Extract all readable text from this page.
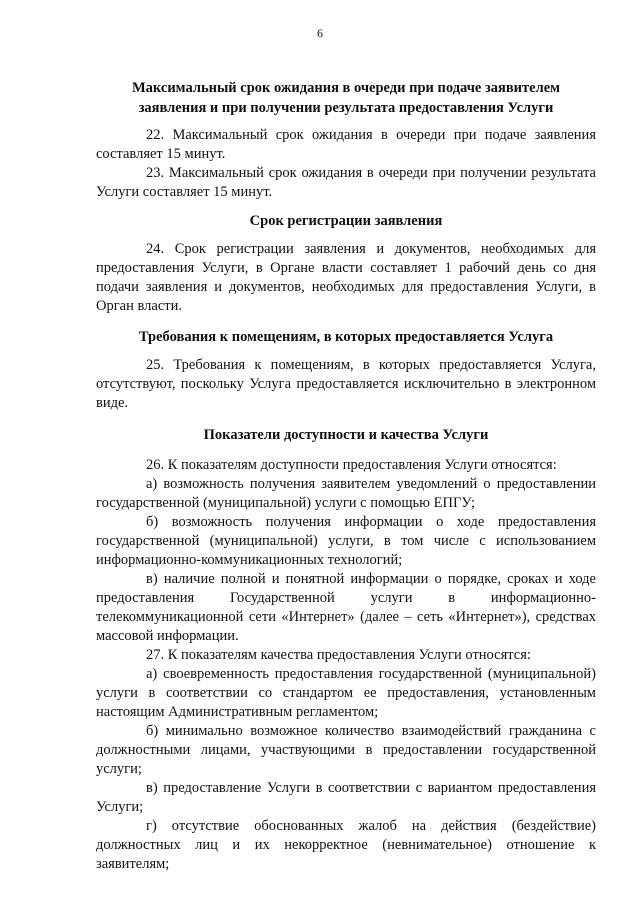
6
Максимальный срок ожидания в очереди при подаче заявителем
заявления и при получении результата предоставления Услуги

22. Максимальный срок ожидания в очереди при подаче заявления составляет 15 минут.

23. Максимальный срок ожидания в очереди при получении результата Услуги составляет 15 минут.

Срок регистрации заявления

24. Срок регистрации заявления и документов, необходимых для предоставления Услуги, в Органе власти составляет 1 рабочий день со дня подачи заявления и документов, необходимых для предоставления Услуги, в Орган власти.

Требования к помещениям, в которых предоставляется Услуга

25. Требования к помещениям, в которых предоставляется Услуга, отсутствуют, поскольку Услуга предоставляется исключительно в электронном виде.

Показатели доступности и качества Услуги

26. К показателям доступности предоставления Услуги относятся:

а) возможность получения заявителем уведомлений о предоставлении государственной (муниципальной) услуги с помощью ЕПГУ;

б) возможность получения информации о ходе предоставления государственной (муниципальной) услуги, в том числе с использованием информационно-коммуникационных технологий;

в) наличие полной и понятной информации о порядке, сроках и ходе предоставления Государственной услуги в информационно-телекоммуникационной сети «Интернет» (далее – сеть «Интернет»), средствах массовой информации.

27. К показателям качества предоставления Услуги относятся:

а) своевременность предоставления государственной (муниципальной) услуги в соответствии со стандартом ее предоставления, установленным настоящим Административным регламентом;

б) минимально возможное количество взаимодействий гражданина с должностными лицами, участвующими в предоставлении государственной услуги;

в) предоставление Услуги в соответствии с вариантом предоставления Услуги;

г) отсутствие обоснованных жалоб на действия (бездействие) должностных лиц и их некорректное (невнимательное) отношение к заявителям;
